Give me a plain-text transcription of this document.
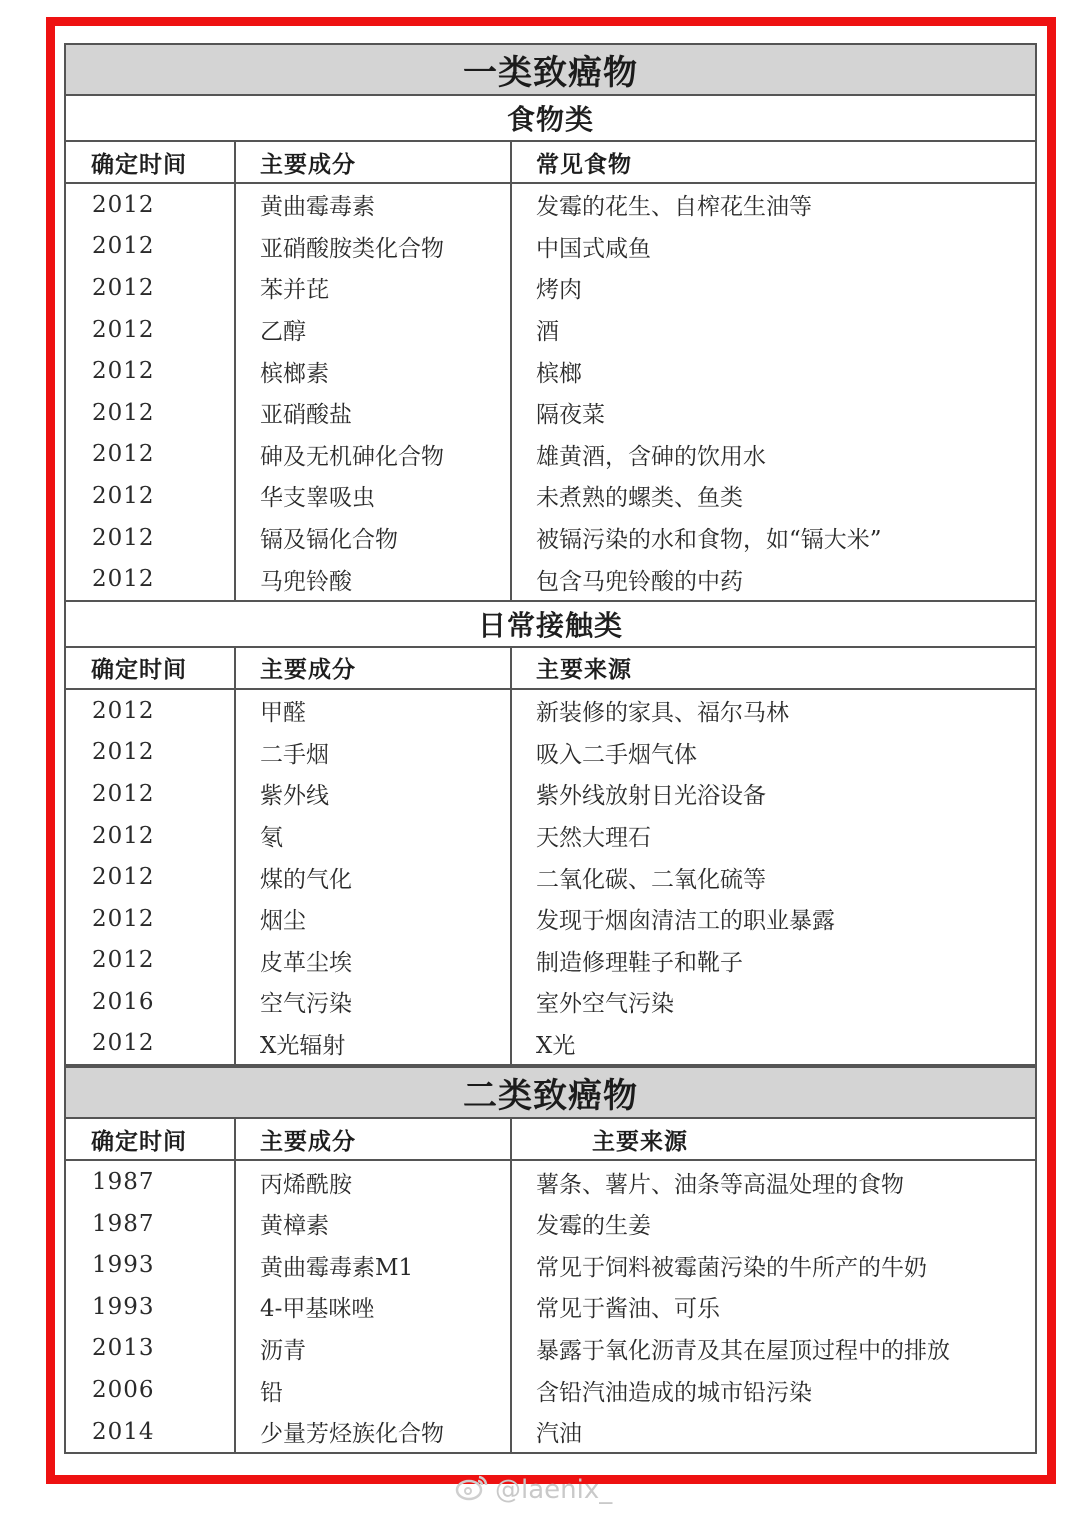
一类致癌物
食物类
确定时间
2012
2012
2012
2012
2012
2012
2012
2012
2012
2012
主要成分
黄曲霉毒素
亚硝酸胺类化合物
苯并芘
乙醇
槟榔素
亚硝酸盐
砷及无机砷化合物
华支睾吸虫
镉及镉化合物
马兜铃酸
常见食物
发霉的花生、自榨花生油等
中国式咸鱼
烤肉
酒
槟榔
隔夜菜
雄黄酒，含砷的饮用水
未煮熟的螺类、鱼类
被镉污染的水和食物，如“镉大米”
包含马兜铃酸的中药
日常接触类
确定时间
2012
2012
2012
2012
2012
2012
2012
2016
2012
主要成分
甲醛
二手烟
紫外线
氡
煤的气化
烟尘
皮革尘埃
空气污染
X光辐射
主要来源
新装修的家具、福尔马林
吸入二手烟气体
紫外线放射日光浴设备
天然大理石
二氧化碳、二氧化硫等
发现于烟囱清洁工的职业暴露
制造修理鞋子和靴子
室外空气污染
X光
二类致癌物
确定时间
1987
1987
1993
1993
2013
2006
2014
主要成分
丙烯酰胺
黄樟素
黄曲霉毒素M1
4-甲基咪唑
沥青
铅
少量芳烃族化合物
主要来源
薯条、薯片、油条等高温处理的食物
发霉的生姜
常见于饲料被霉菌污染的牛所产的牛奶
常见于酱油、可乐
暴露于氧化沥青及其在屋顶过程中的排放
含铅汽油造成的城市铅污染
汽油
@laenix_
